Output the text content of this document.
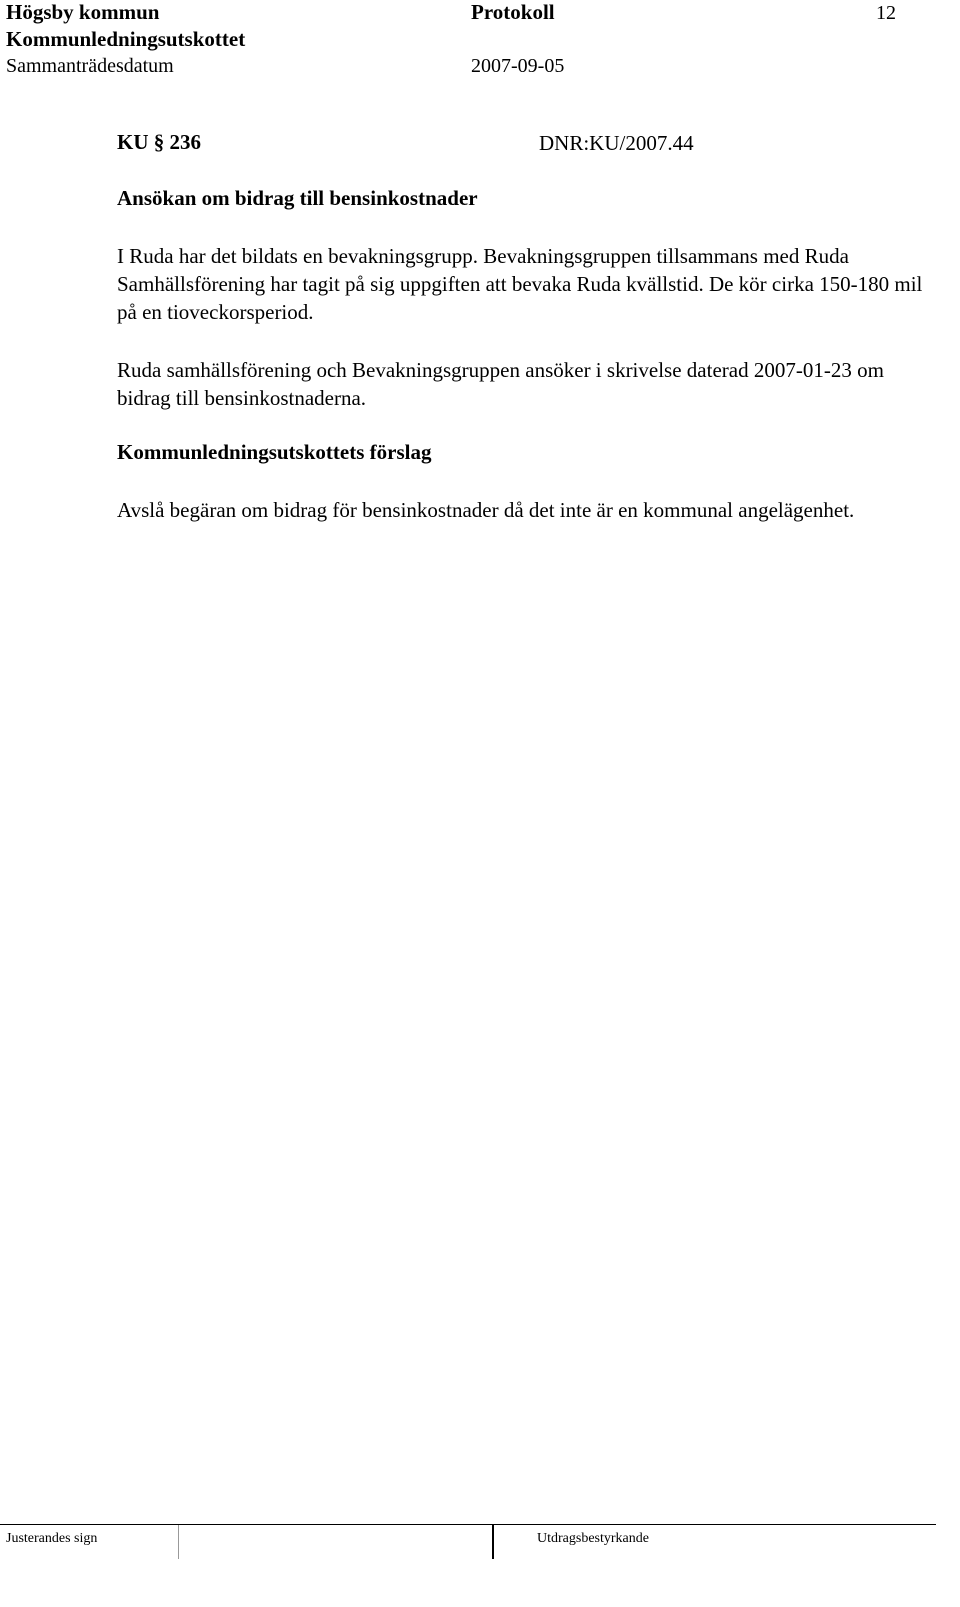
Högsby kommun	Protokoll	12
Kommunledningsutskottet
Sammanträdesdatum	2007-09-05
KU § 236	DNR:KU/2007.44
Ansökan om bidrag till bensinkostnader
I Ruda har det bildats en bevakningsgrupp. Bevakningsgruppen tillsammans med Ruda Samhällsförening har tagit på sig uppgiften att bevaka Ruda kvällstid. De kör cirka 150-180 mil på en tioveckorsperiod.
Ruda samhällsförening och Bevakningsgruppen ansöker i skrivelse daterad 2007-01-23 om bidrag till bensinkostnaderna.
Kommunledningsutskottets förslag
Avslå begäran om bidrag för bensinkostnader då det inte är en kommunal angelägenhet.
Justerandes sign	Utdragsbestyrkande
